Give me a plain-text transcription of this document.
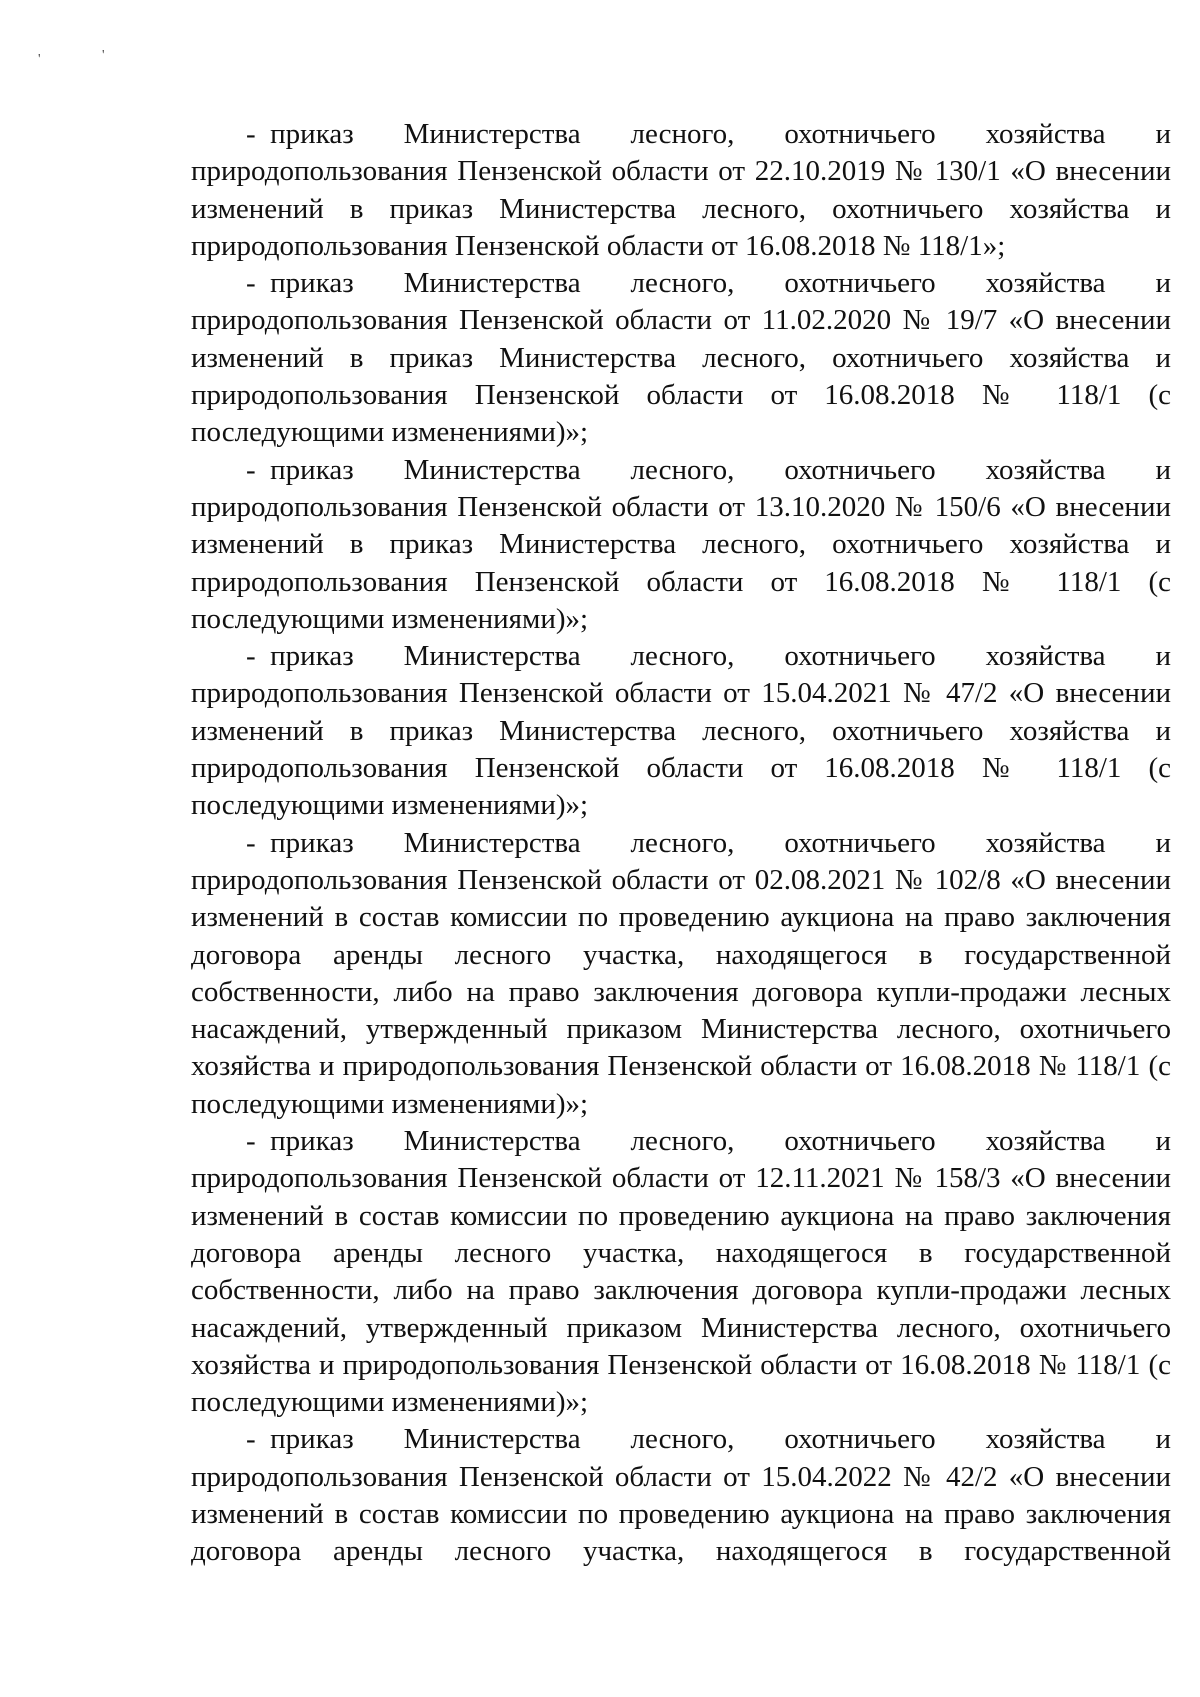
'	'
- приказ Министерства лесного, охотничьего хозяйства и
природопользования Пензенской области от 22.10.2019 № 130/1 «О внесении
изменений в приказ Министерства лесного, охотничьего хозяйства и
природопользования Пензенской области от 16.08.2018 № 118/1»;
- приказ Министерства лесного, охотничьего хозяйства и
природопользования Пензенской области от 11.02.2020 № 19/7 «О внесении
изменений в приказ Министерства лесного, охотничьего хозяйства и
природопользования Пензенской области от 16.08.2018 № 118/1 (с
последующими изменениями)»;
- приказ Министерства лесного, охотничьего хозяйства и
природопользования Пензенской области от 13.10.2020 № 150/6 «О внесении
изменений в приказ Министерства лесного, охотничьего хозяйства и
природопользования Пензенской области от 16.08.2018 № 118/1 (с
последующими изменениями)»;
- приказ Министерства лесного, охотничьего хозяйства и
природопользования Пензенской области от 15.04.2021 № 47/2 «О внесении
изменений в приказ Министерства лесного, охотничьего хозяйства и
природопользования Пензенской области от 16.08.2018 № 118/1 (с
последующими изменениями)»;
- приказ Министерства лесного, охотничьего хозяйства и
природопользования Пензенской области от 02.08.2021 № 102/8 «О внесении
изменений в состав комиссии по проведению аукциона на право заключения
договора аренды лесного участка, находящегося в государственной
собственности, либо на право заключения договора купли-продажи лесных
насаждений, утвержденный приказом Министерства лесного, охотничьего
хозяйства и природопользования Пензенской области от 16.08.2018 № 118/1 (с
последующими изменениями)»;
- приказ Министерства лесного, охотничьего хозяйства и
природопользования Пензенской области от 12.11.2021 № 158/3 «О внесении
изменений в состав комиссии по проведению аукциона на право заключения
договора аренды лесного участка, находящегося в государственной
собственности, либо на право заключения договора купли-продажи лесных
насаждений, утвержденный приказом Министерства лесного, охотничьего
хозяйства и природопользования Пензенской области от 16.08.2018 № 118/1 (с
последующими изменениями)»;
- приказ Министерства лесного, охотничьего хозяйства и
природопользования Пензенской области от 15.04.2022 № 42/2 «О внесении
изменений в состав комиссии по проведению аукциона на право заключения
договора аренды лесного участка, находящегося в государственной
